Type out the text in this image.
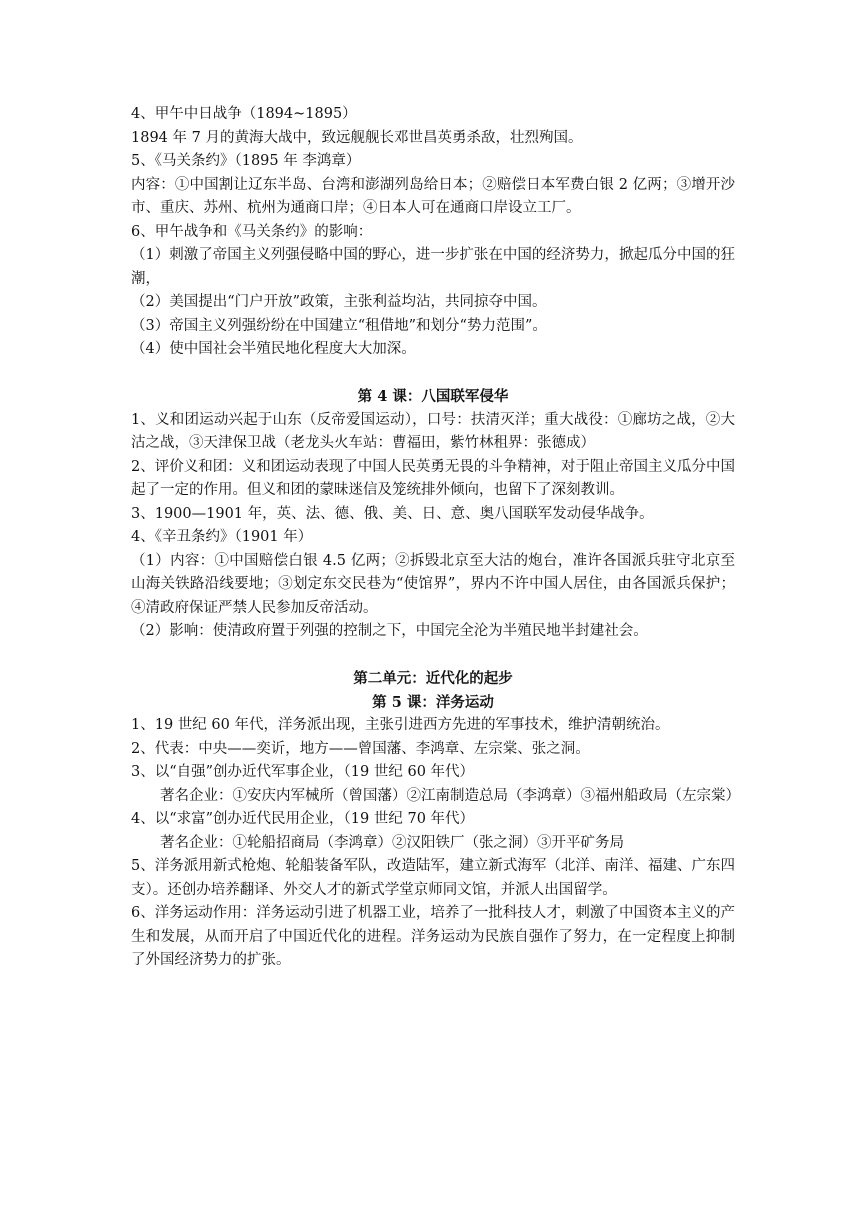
4、甲午中日战争（1894~1895）

1894 年 7 月的黄海大战中，致远舰舰长邓世昌英勇杀敌，壮烈殉国。

5、《马关条约》（1895 年 李鸿章）

内容：①中国割让辽东半岛、台湾和澎湖列岛给日本；②赔偿日本军费白银 2 亿两；③增开沙市、重庆、苏州、杭州为通商口岸；④日本人可在通商口岸设立工厂。

6、甲午战争和《马关条约》的影响：

（1）刺激了帝国主义列强侵略中国的野心，进一步扩张在中国的经济势力，掀起瓜分中国的狂潮，

（2）美国提出“门户开放”政策，主张利益均沾，共同掠夺中国。

（3）帝国主义列强纷纷在中国建立“租借地”和划分“势力范围”。

（4）使中国社会半殖民地化程度大大加深。

第 4 课：八国联军侵华

1、义和团运动兴起于山东（反帝爱国运动），口号：扶清灭洋；重大战役：①廊坊之战，②大沽之战，③天津保卫战（老龙头火车站：曹福田，紫竹林租界：张德成）

2、评价义和团：义和团运动表现了中国人民英勇无畏的斗争精神，对于阻止帝国主义瓜分中国起了一定的作用。但义和团的蒙昧迷信及笼统排外倾向，也留下了深刻教训。

3、1900—1901 年，英、法、德、俄、美、日、意、奥八国联军发动侵华战争。

4、《辛丑条约》（1901 年）

（1）内容：①中国赔偿白银 4.5 亿两；②拆毁北京至大沽的炮台，准许各国派兵驻守北京至山海关铁路沿线要地；③划定东交民巷为“使馆界”，界内不许中国人居住，由各国派兵保护；④清政府保证严禁人民参加反帝活动。

（2）影响：使清政府置于列强的控制之下，中国完全沦为半殖民地半封建社会。

第二单元：近代化的起步
第 5 课：洋务运动

1、19 世纪 60 年代，洋务派出现，主张引进西方先进的军事技术，维护清朝统治。

2、代表：中央——奕䜣，地方——曾国藩、李鸿章、左宗棠、张之洞。

3、以“自强”创办近代军事企业，（19 世纪 60 年代）

著名企业：①安庆内军械所（曾国藩）②江南制造总局（李鸿章）③福州船政局（左宗棠）

4、以“求富”创办近代民用企业，（19 世纪 70 年代）

著名企业：①轮船招商局（李鸿章）②汉阳铁厂（张之洞）③开平矿务局

5、洋务派用新式枪炮、轮船装备军队，改造陆军，建立新式海军（北洋、南洋、福建、广东四支）。还创办培养翻译、外交人才的新式学堂京师同文馆，并派人出国留学。

6、洋务运动作用：洋务运动引进了机器工业，培养了一批科技人才，刺激了中国资本主义的产生和发展，从而开启了中国近代化的进程。洋务运动为民族自强作了努力，在一定程度上抑制了外国经济势力的扩张。
